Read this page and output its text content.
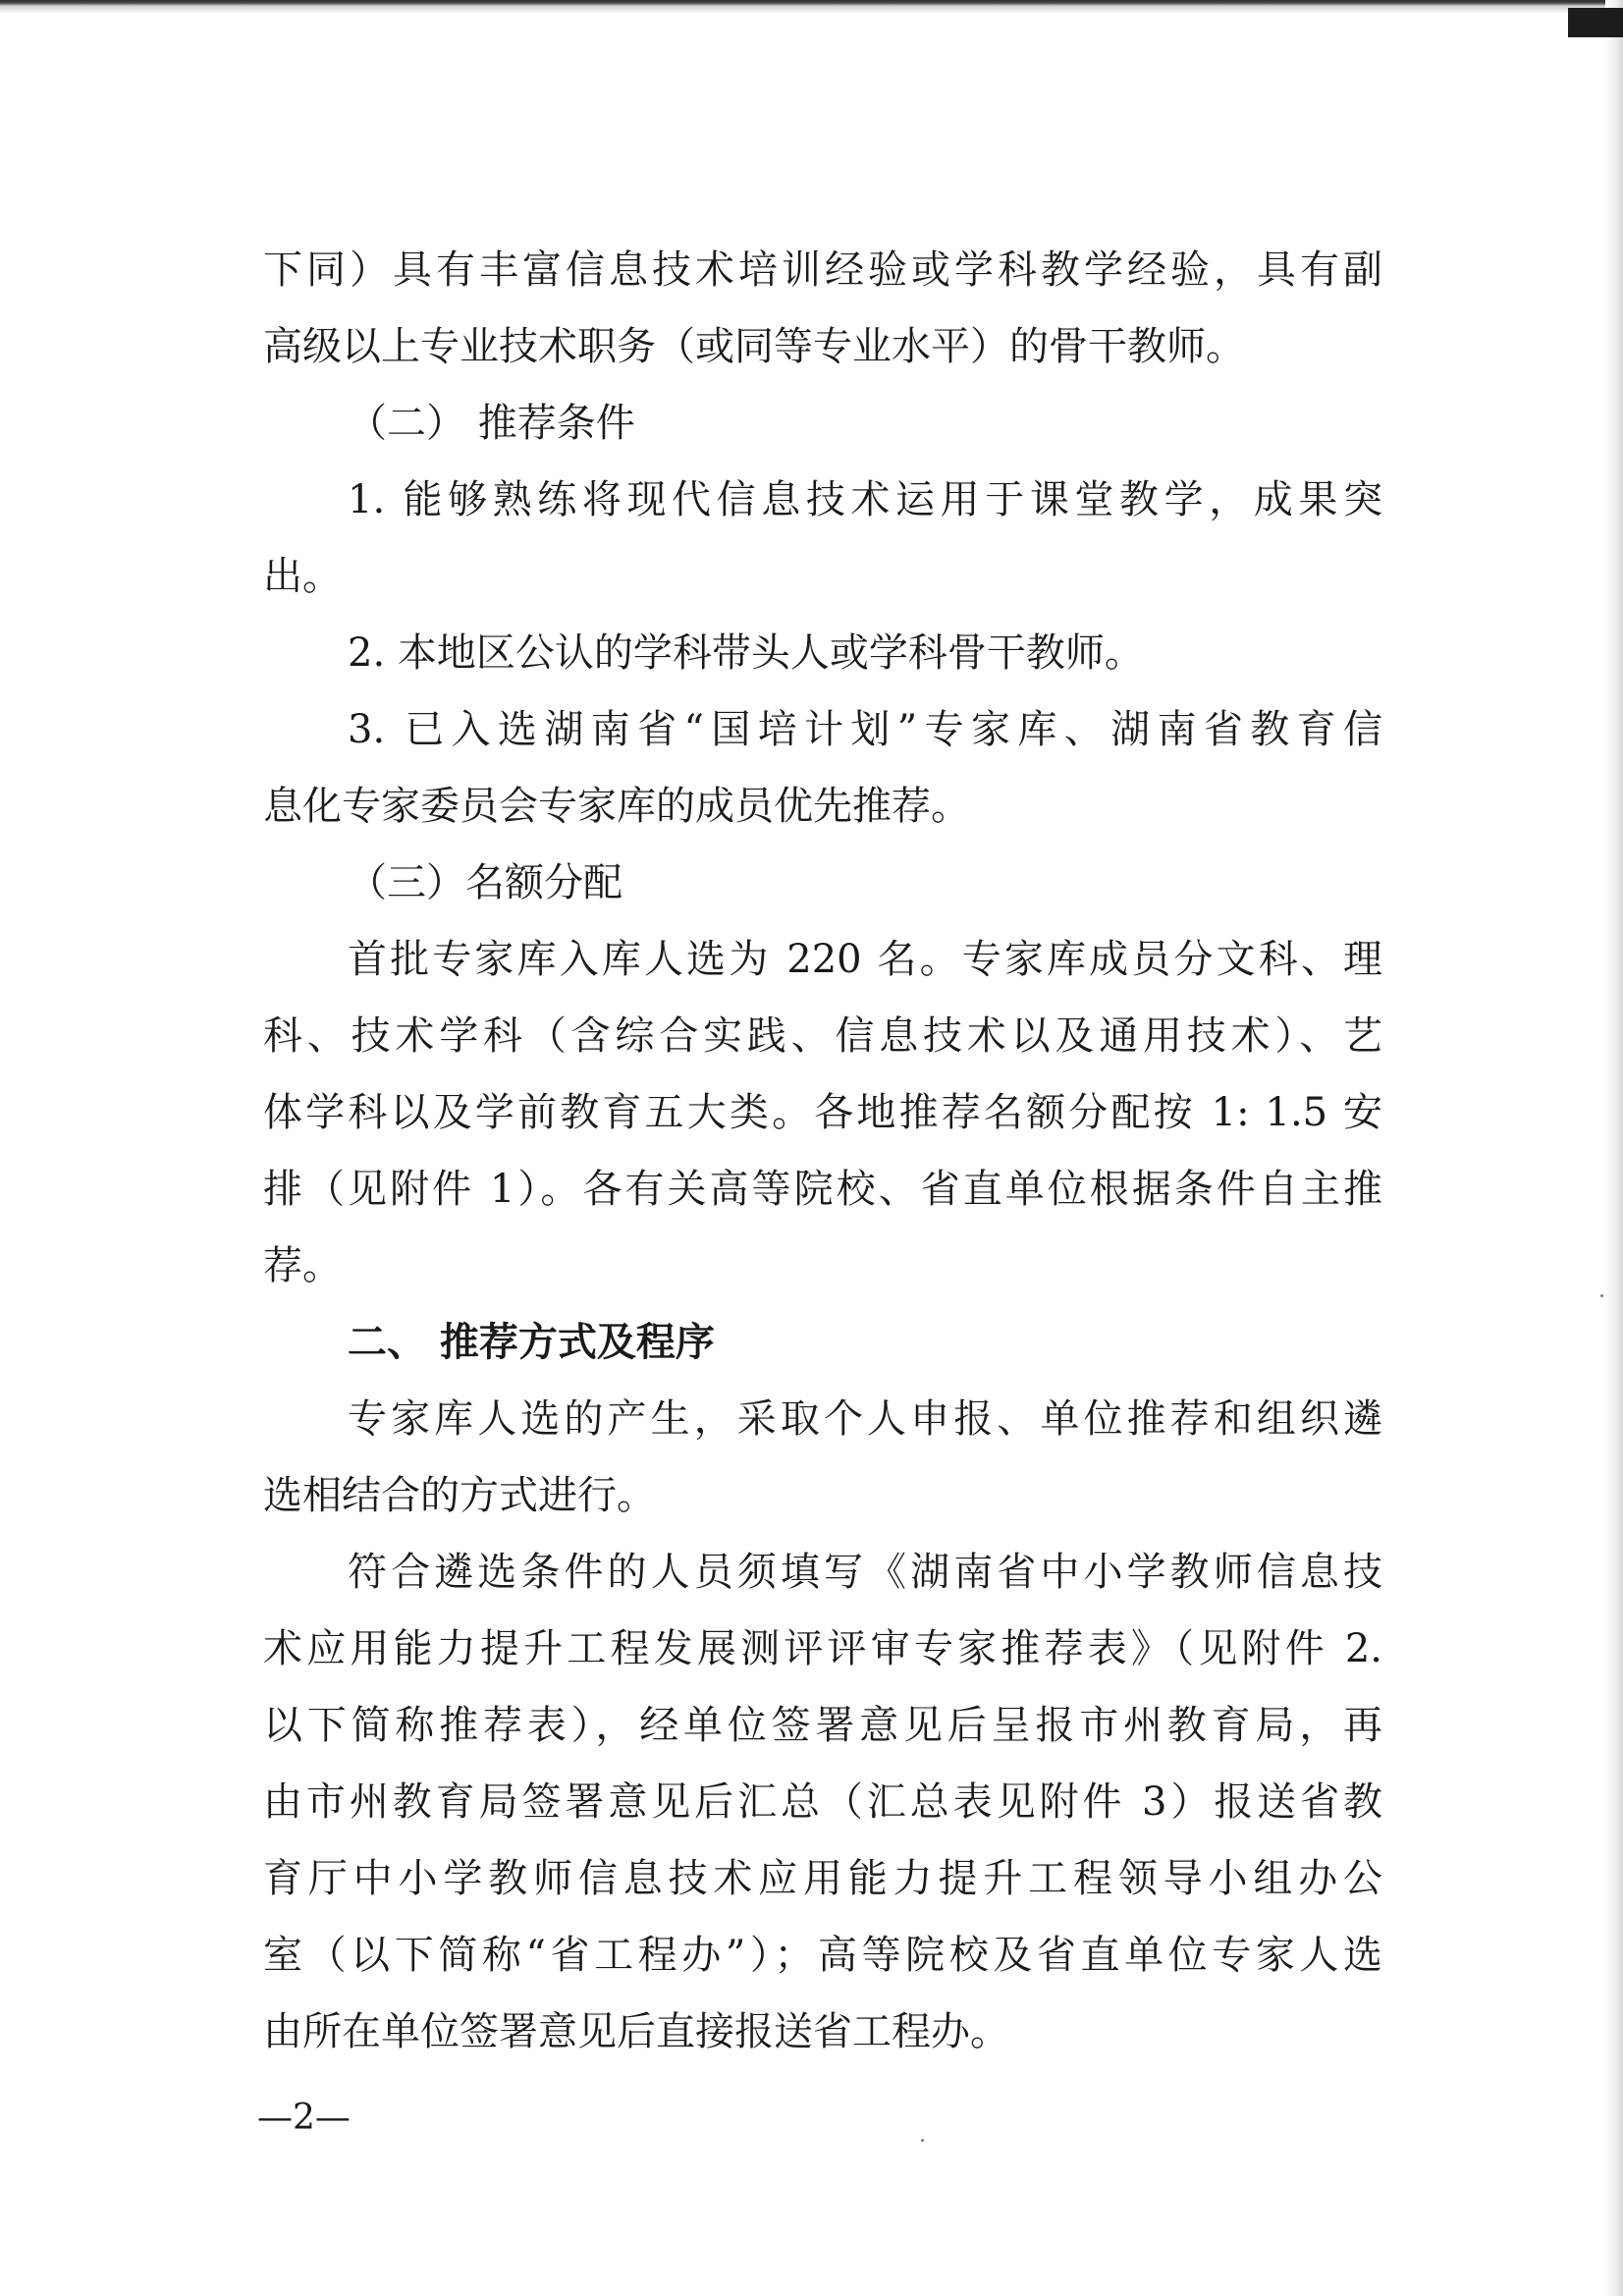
下同）具有丰富信息技术培训经验或学科教学经验，具有副
高级以上专业技术职务（或同等专业水平）的骨干教师。
（二） 推荐条件
1. 能够熟练将现代信息技术运用于课堂教学，成果突
出。
2. 本地区公认的学科带头人或学科骨干教师。
3. 已入选湖南省“国培计划”专家库、湖南省教育信
息化专家委员会专家库的成员优先推荐。
（三）名额分配
首批专家库入库人选为 220 名。专家库成员分文科、理
科、技术学科（含综合实践、信息技术以及通用技术）、艺
体学科以及学前教育五大类。各地推荐名额分配按 1: 1.5 安
排（见附件 1）。各有关高等院校、省直单位根据条件自主推
荐。
二、 推荐方式及程序
专家库人选的产生，采取个人申报、单位推荐和组织遴
选相结合的方式进行。
符合遴选条件的人员须填写《湖南省中小学教师信息技
术应用能力提升工程发展测评评审专家推荐表》（见附件 2.
以下简称推荐表），经单位签署意见后呈报市州教育局，再
由市州教育局签署意见后汇总（汇总表见附件 3）报送省教
育厅中小学教师信息技术应用能力提升工程领导小组办公
室（以下简称“省工程办”）；高等院校及省直单位专家人选
由所在单位签署意见后直接报送省工程办。
—2—
